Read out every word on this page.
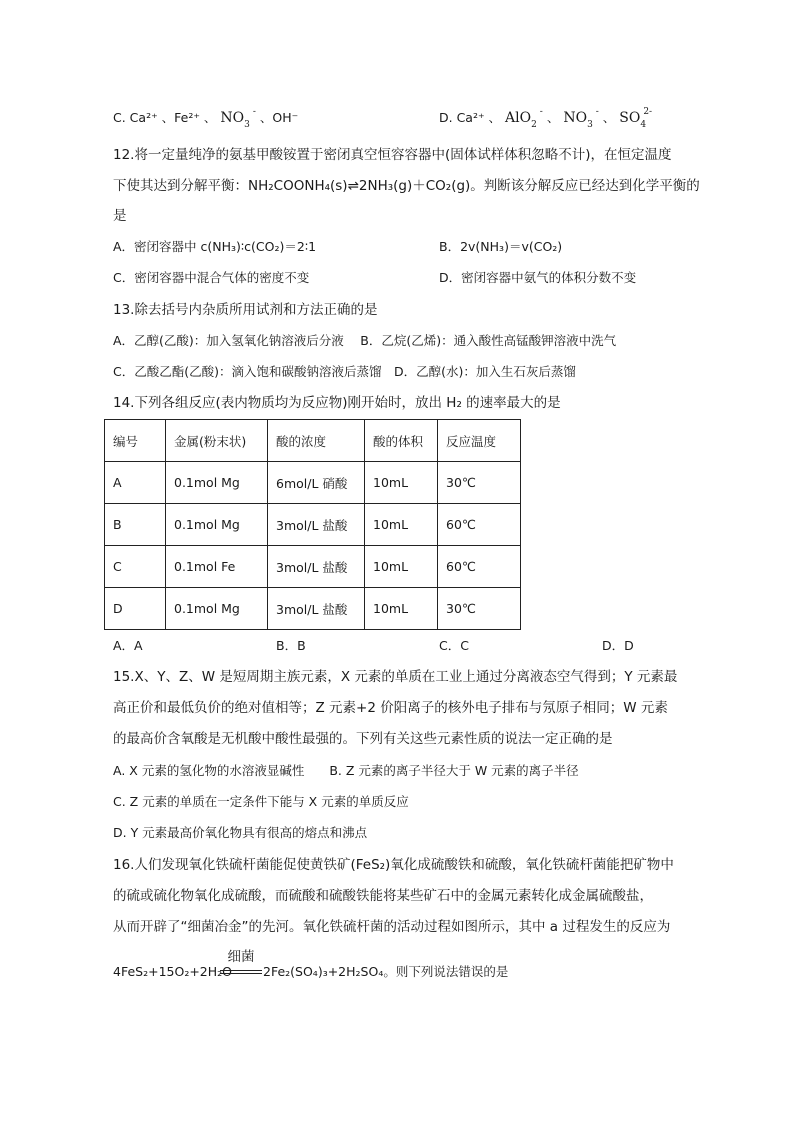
C. Ca²⁺ 、Fe²⁺ 、 $NO_3$
- 、OH⁻	D. Ca²⁺ 、 AlO$_2$
- 、 $NO_3$
- 、 $SO_4$
2-
12.将一定量纯净的氨基甲酸铵置于密闭真空恒容容器中(固体试样体积忽略不计)，在恒定温度
下使其达到分解平衡：NH₂COONH₄(s)⇌2NH₃(g)＋CO₂(g)。判断该分解反应已经达到化学平衡的
是
A．密闭容器中 c(NH₃)∶c(CO₂)＝2∶1	B．2v(NH₃)＝v(CO₂)
C．密闭容器中混合气体的密度不变	D．密闭容器中氨气的体积分数不变
13.除去括号内杂质所用试剂和方法正确的是
A．乙醇(乙酸)：加入氢氧化钠溶液后分液　 B．乙烷(乙烯)：通入酸性高锰酸钾溶液中洗气
C．乙酸乙酯(乙酸)：滴入饱和碳酸钠溶液后蒸馏　D．乙醇(水)：加入生石灰后蒸馏
14.下列各组反应(表内物质均为反应物)刚开始时，放出 H₂ 的速率最大的是
编号	金属(粉末状)	酸的浓度	酸的体积	反应温度
A	0.1mol Mg	6mol/L 硝酸	10mL	30℃
B	0.1mol Mg	3mol/L 盐酸	10mL	60℃
C	0.1mol Fe	3mol/L 盐酸	10mL	60℃
D	0.1mol Mg	3mol/L 盐酸	10mL	30℃
A．A	B．B	C．C	D．D
15.X、Y、Z、W 是短周期主族元素，X 元素的单质在工业上通过分离液态空气得到；Y 元素最
高正价和最低负价的绝对值相等；Z 元素+2 价阳离子的核外电子排布与氖原子相同；W 元素
的最高价含氧酸是无机酸中酸性最强的。下列有关这些元素性质的说法一定正确的是
A. X 元素的氢化物的水溶液显碱性　　B. Z 元素的离子半径大于 W 元素的离子半径
C. Z 元素的单质在一定条件下能与 X 元素的单质反应
D. Y 元素最高价氧化物具有很高的熔点和沸点
16.人们发现氧化铁硫杆菌能促使黄铁矿(FeS₂)氧化成硫酸铁和硫酸，氧化铁硫杆菌能把矿物中
的硫或硫化物氧化成硫酸，而硫酸和硫酸铁能将某些矿石中的金属元素转化成金属硫酸盐，
从而开辟了“细菌冶金”的先河。氧化铁硫杆菌的活动过程如图所示，其中 a 过程发生的反应为
4FeS₂+15O₂+2H₂O
细菌
2Fe₂(SO₄)₃+2H₂SO₄。则下列说法错误的是
